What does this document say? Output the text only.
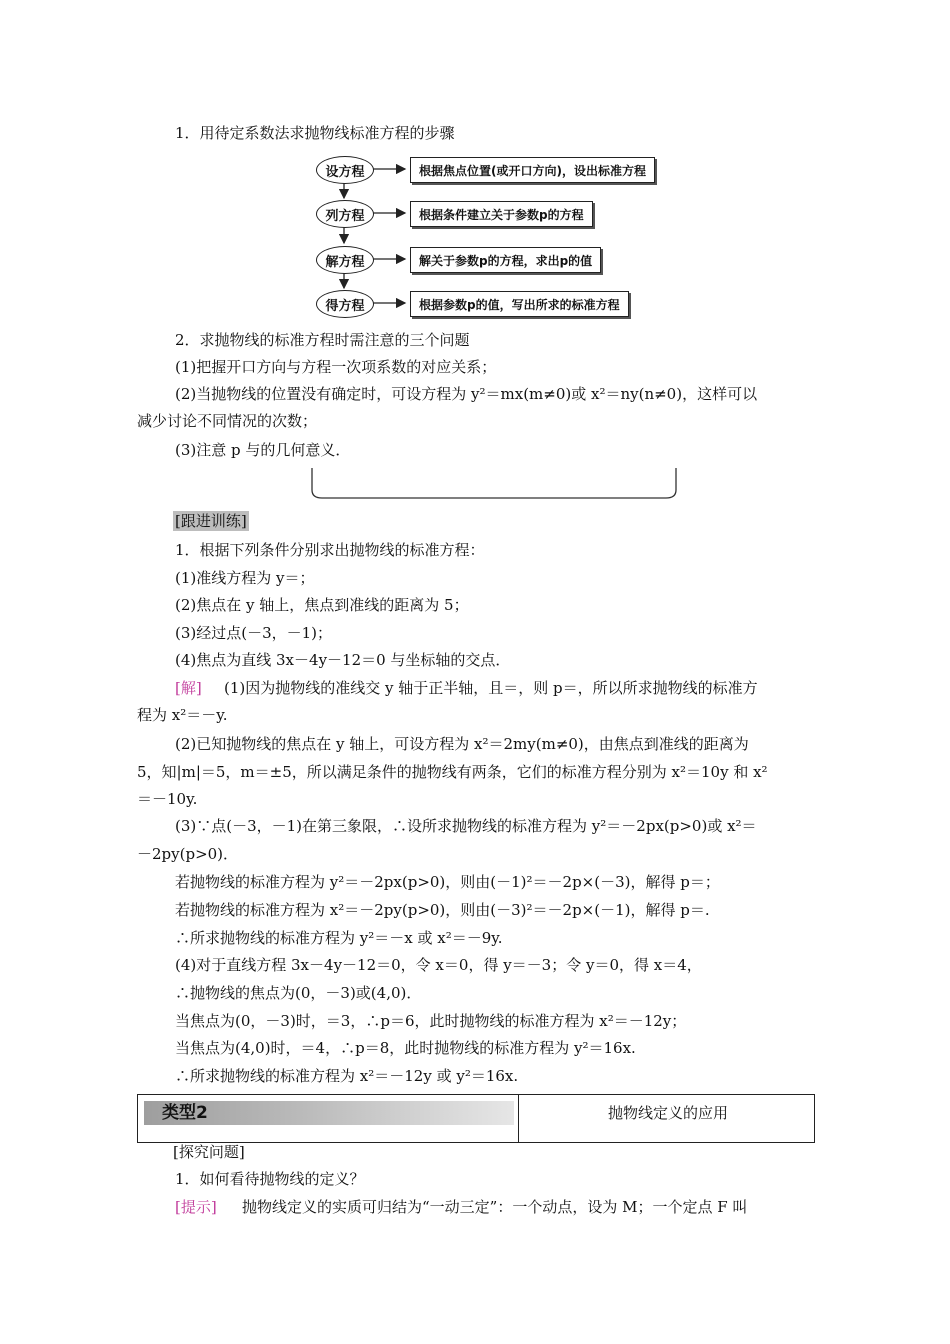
1．用待定系数法求抛物线标准方程的步骤
设方程	根据焦点位置(或开口方向)，设出标准方程
列方程	根据条件建立关于参数p的方程
解方程	解关于参数p的方程，求出p的值
得方程	根据参数p的值，写出所求的标准方程
2．求抛物线的标准方程时需注意的三个问题
(1)把握开口方向与方程一次项系数的对应关系；
(2)当抛物线的位置没有确定时，可设方程为 y²＝mx(m≠0)或 x²＝ny(n≠0)，这样可以
减少讨论不同情况的次数；
(3)注意 p 与的几何意义．
[跟进训练]
1．根据下列条件分别求出抛物线的标准方程：
(1)准线方程为 y＝；
(2)焦点在 y 轴上，焦点到准线的距离为 5；
(3)经过点(－3，－1)；
(4)焦点为直线 3x－4y－12＝0 与坐标轴的交点．
[解] (1)因为抛物线的准线交 y 轴于正半轴，且＝，则 p＝，所以所求抛物线的标准方
程为 x²＝－y.
(2)已知抛物线的焦点在 y 轴上，可设方程为 x²＝2my(m≠0)，由焦点到准线的距离为
5，知|m|＝5，m＝±5，所以满足条件的抛物线有两条，它们的标准方程分别为 x²＝10y 和 x²
＝－10y.
(3)∵点(－3，－1)在第三象限，∴设所求抛物线的标准方程为 y²＝－2px(p>0)或 x²＝
－2py(p>0)．
若抛物线的标准方程为 y²＝－2px(p>0)，则由(－1)²＝－2p×(－3)，解得 p＝；
若抛物线的标准方程为 x²＝－2py(p>0)，则由(－3)²＝－2p×(－1)，解得 p＝.
∴所求抛物线的标准方程为 y²＝－x 或 x²＝－9y.
(4)对于直线方程 3x－4y－12＝0，令 x＝0，得 y＝－3；令 y＝0，得 x＝4，
∴抛物线的焦点为(0，－3)或(4,0)．
当焦点为(0，－3)时，＝3，∴p＝6，此时抛物线的标准方程为 x²＝－12y；
当焦点为(4,0)时，＝4，∴p＝8，此时抛物线的标准方程为 y²＝16x.
∴所求抛物线的标准方程为 x²＝－12y 或 y²＝16x.
类型2	抛物线定义的应用
[探究问题]
1．如何看待抛物线的定义？
[提示] 抛物线定义的实质可归结为“一动三定”：一个动点，设为 M；一个定点 F 叫
